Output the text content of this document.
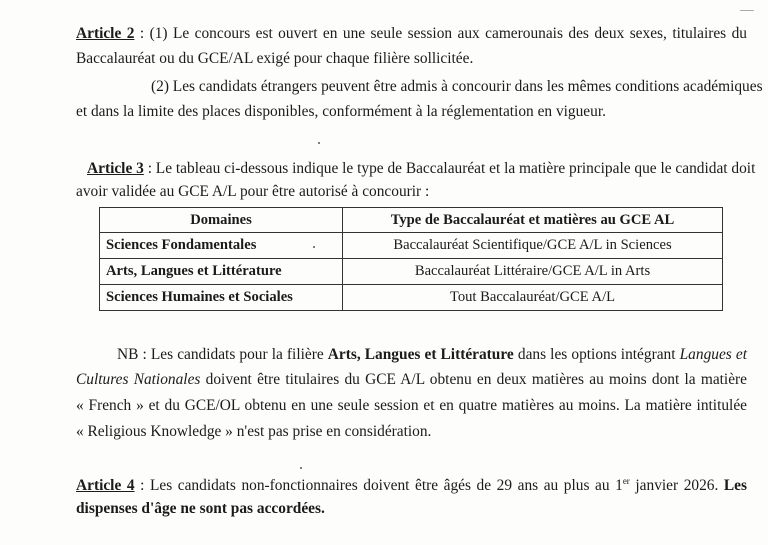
Article 2 : (1) Le concours est ouvert en une seule session aux camerounais des deux sexes, titulaires du
Baccalauréat ou du GCE/AL exigé pour chaque filière sollicitée.
(2) Les candidats étrangers peuvent être admis à concourir dans les mêmes conditions académiques
et dans la limite des places disponibles, conformément à la réglementation en vigueur.
Article 3 : Le tableau ci-dessous indique le type de Baccalauréat et la matière principale que le candidat doit
avoir validée au GCE A/L pour être autorisé à concourir :
Domaines	Type de Baccalauréat et matières au GCE AL
Sciences Fondamentales	Baccalauréat Scientifique/GCE A/L in Sciences
Arts, Langues et Littérature	Baccalauréat Littéraire/GCE A/L in Arts
Sciences Humaines et Sociales	Tout Baccalauréat/GCE A/L
NB : Les candidats pour la filière Arts, Langues et Littérature dans les options intégrant Langues et
Cultures Nationales doivent être titulaires du GCE A/L obtenu en deux matières au moins dont la matière
« French » et du GCE/OL obtenu en une seule session et en quatre matières au moins. La matière intitulée
« Religious Knowledge » n'est pas prise en considération.
Article 4 : Les candidats non-fonctionnaires doivent être âgés de 29 ans au plus au 1er janvier 2026. Les
dispenses d'âge ne sont pas accordées.
